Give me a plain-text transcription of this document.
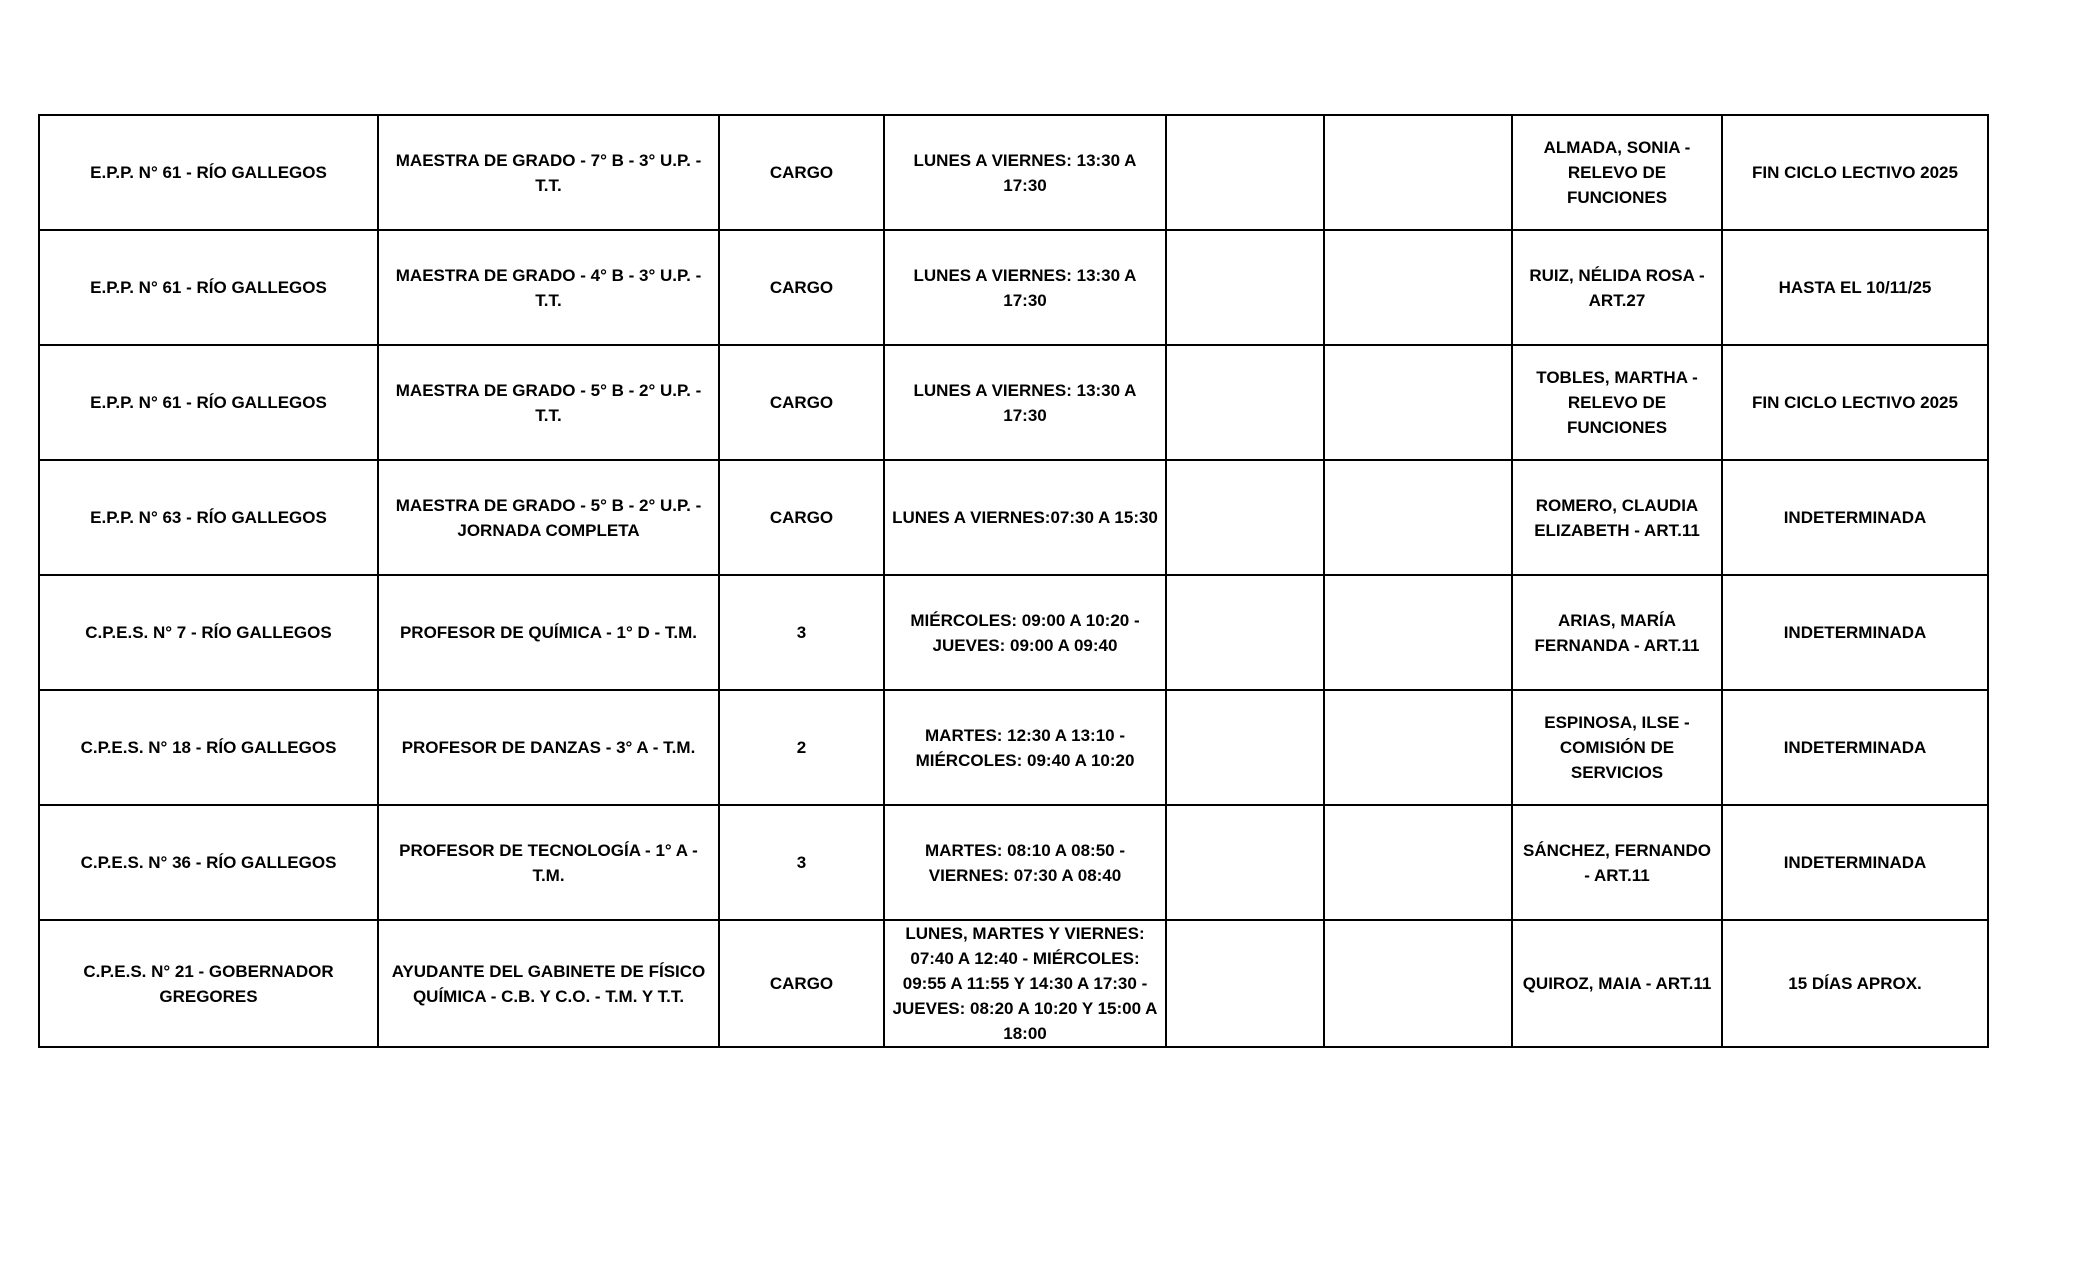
E.P.P. N° 61 - RÍO GALLEGOS	MAESTRA DE GRADO - 7° B - 3° U.P. - T.T.	CARGO	LUNES A VIERNES: 13:30 A 17:30			ALMADA, SONIA - RELEVO DE FUNCIONES	FIN CICLO LECTIVO 2025
E.P.P. N° 61 - RÍO GALLEGOS	MAESTRA DE GRADO - 4° B - 3° U.P. - T.T.	CARGO	LUNES A VIERNES: 13:30 A 17:30			RUIZ, NÉLIDA ROSA - ART.27	HASTA EL 10/11/25
E.P.P. N° 61 - RÍO GALLEGOS	MAESTRA DE GRADO - 5° B - 2° U.P. - T.T.	CARGO	LUNES A VIERNES: 13:30 A 17:30			TOBLES, MARTHA - RELEVO DE FUNCIONES	FIN CICLO LECTIVO 2025
E.P.P. N° 63 - RÍO GALLEGOS	MAESTRA DE GRADO - 5° B - 2° U.P. - JORNADA COMPLETA	CARGO	LUNES A VIERNES:07:30 A 15:30			ROMERO, CLAUDIA ELIZABETH - ART.11	INDETERMINADA
C.P.E.S. N° 7 - RÍO GALLEGOS	PROFESOR DE QUÍMICA - 1° D - T.M.	3	MIÉRCOLES: 09:00 A 10:20 - JUEVES: 09:00 A 09:40			ARIAS, MARÍA FERNANDA - ART.11	INDETERMINADA
C.P.E.S. N° 18 - RÍO GALLEGOS	PROFESOR DE DANZAS - 3° A - T.M.	2	MARTES: 12:30 A 13:10 - MIÉRCOLES: 09:40 A 10:20			ESPINOSA, ILSE - COMISIÓN DE SERVICIOS	INDETERMINADA
C.P.E.S. N° 36 - RÍO GALLEGOS	PROFESOR DE TECNOLOGÍA - 1° A - T.M.	3	MARTES: 08:10 A 08:50 - VIERNES: 07:30 A 08:40			SÁNCHEZ, FERNANDO - ART.11	INDETERMINADA
C.P.E.S. N° 21 - GOBERNADOR GREGORES	AYUDANTE DEL GABINETE DE FÍSICO QUÍMICA - C.B. Y C.O. - T.M. Y T.T.	CARGO	LUNES, MARTES Y VIERNES: 07:40 A 12:40 - MIÉRCOLES: 09:55 A 11:55 Y 14:30 A 17:30 - JUEVES: 08:20 A 10:20 Y 15:00 A 18:00			QUIROZ, MAIA - ART.11	15 DÍAS APROX.
